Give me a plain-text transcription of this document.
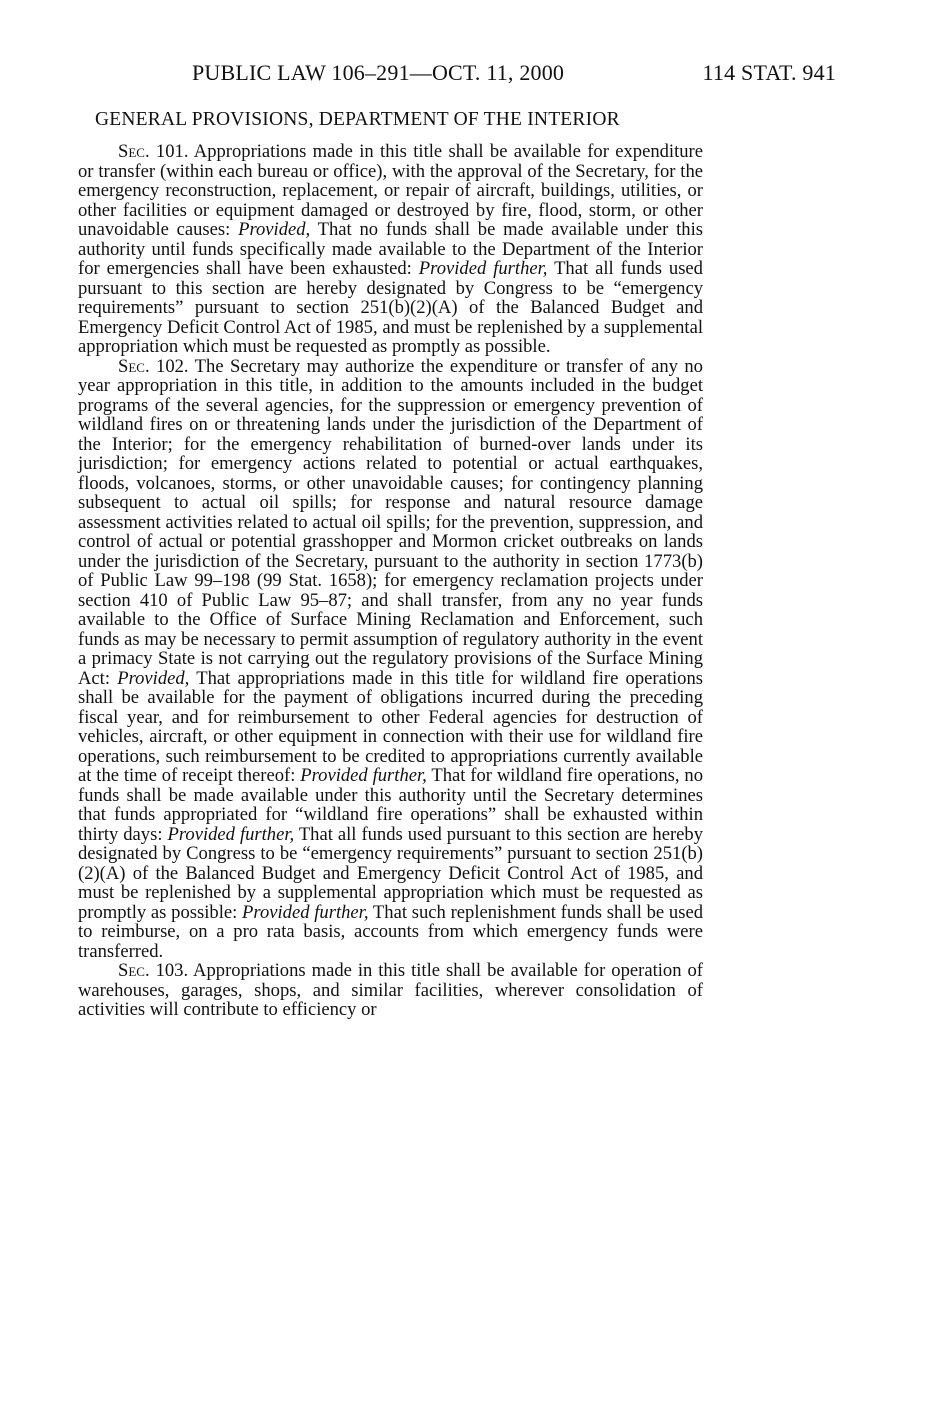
PUBLIC LAW 106–291—OCT. 11, 2000	114 STAT. 941
GENERAL PROVISIONS, DEPARTMENT OF THE INTERIOR

Sec. 101. Appropriations made in this title shall be available for expenditure or transfer (within each bureau or office), with the approval of the Secretary, for the emergency reconstruction, replacement, or repair of aircraft, buildings, utilities, or other facilities or equipment damaged or destroyed by fire, flood, storm, or other unavoidable causes: Provided, That no funds shall be made available under this authority until funds specifically made available to the Department of the Interior for emergencies shall have been exhausted: Provided further, That all funds used pursuant to this section are hereby designated by Congress to be “emergency requirements” pursuant to section 251(b)(2)(A) of the Balanced Budget and Emergency Deficit Control Act of 1985, and must be replenished by a supplemental appropriation which must be requested as promptly as possible.

Sec. 102. The Secretary may authorize the expenditure or transfer of any no year appropriation in this title, in addition to the amounts included in the budget programs of the several agencies, for the suppression or emergency prevention of wildland fires on or threatening lands under the jurisdiction of the Department of the Interior; for the emergency rehabilitation of burned-over lands under its jurisdiction; for emergency actions related to potential or actual earthquakes, floods, volcanoes, storms, or other unavoidable causes; for contingency planning subsequent to actual oil spills; for response and natural resource damage assessment activities related to actual oil spills; for the prevention, suppression, and control of actual or potential grasshopper and Mormon cricket outbreaks on lands under the jurisdiction of the Secretary, pursuant to the authority in section 1773(b) of Public Law 99–198 (99 Stat. 1658); for emergency reclamation projects under section 410 of Public Law 95–87; and shall transfer, from any no year funds available to the Office of Surface Mining Reclamation and Enforcement, such funds as may be necessary to permit assumption of regulatory authority in the event a primacy State is not carrying out the regulatory provisions of the Surface Mining Act: Provided, That appropriations made in this title for wildland fire operations shall be available for the payment of obligations incurred during the preceding fiscal year, and for reimbursement to other Federal agencies for destruction of vehicles, aircraft, or other equipment in connection with their use for wildland fire operations, such reimbursement to be credited to appropriations currently available at the time of receipt thereof: Provided further, That for wildland fire operations, no funds shall be made available under this authority until the Secretary determines that funds appropriated for “wildland fire operations” shall be exhausted within thirty days: Provided further, That all funds used pursuant to this section are hereby designated by Congress to be “emergency requirements” pursuant to section 251(b)(2)(A) of the Balanced Budget and Emergency Deficit Control Act of 1985, and must be replenished by a supplemental appropriation which must be requested as promptly as possible: Provided further, That such replenishment funds shall be used to reimburse, on a pro rata basis, accounts from which emergency funds were transferred.

Sec. 103. Appropriations made in this title shall be available for operation of warehouses, garages, shops, and similar facilities, wherever consolidation of activities will contribute to efficiency or
